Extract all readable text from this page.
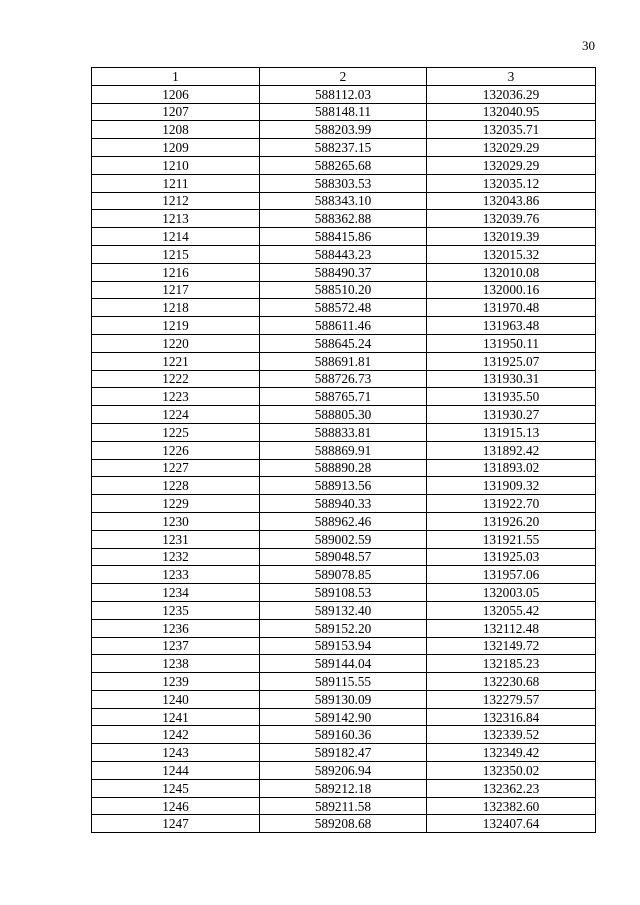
30
1	2	3
1206	588112.03	132036.29
1207	588148.11	132040.95
1208	588203.99	132035.71
1209	588237.15	132029.29
1210	588265.68	132029.29
1211	588303.53	132035.12
1212	588343.10	132043.86
1213	588362.88	132039.76
1214	588415.86	132019.39
1215	588443.23	132015.32
1216	588490.37	132010.08
1217	588510.20	132000.16
1218	588572.48	131970.48
1219	588611.46	131963.48
1220	588645.24	131950.11
1221	588691.81	131925.07
1222	588726.73	131930.31
1223	588765.71	131935.50
1224	588805.30	131930.27
1225	588833.81	131915.13
1226	588869.91	131892.42
1227	588890.28	131893.02
1228	588913.56	131909.32
1229	588940.33	131922.70
1230	588962.46	131926.20
1231	589002.59	131921.55
1232	589048.57	131925.03
1233	589078.85	131957.06
1234	589108.53	132003.05
1235	589132.40	132055.42
1236	589152.20	132112.48
1237	589153.94	132149.72
1238	589144.04	132185.23
1239	589115.55	132230.68
1240	589130.09	132279.57
1241	589142.90	132316.84
1242	589160.36	132339.52
1243	589182.47	132349.42
1244	589206.94	132350.02
1245	589212.18	132362.23
1246	589211.58	132382.60
1247	589208.68	132407.64
